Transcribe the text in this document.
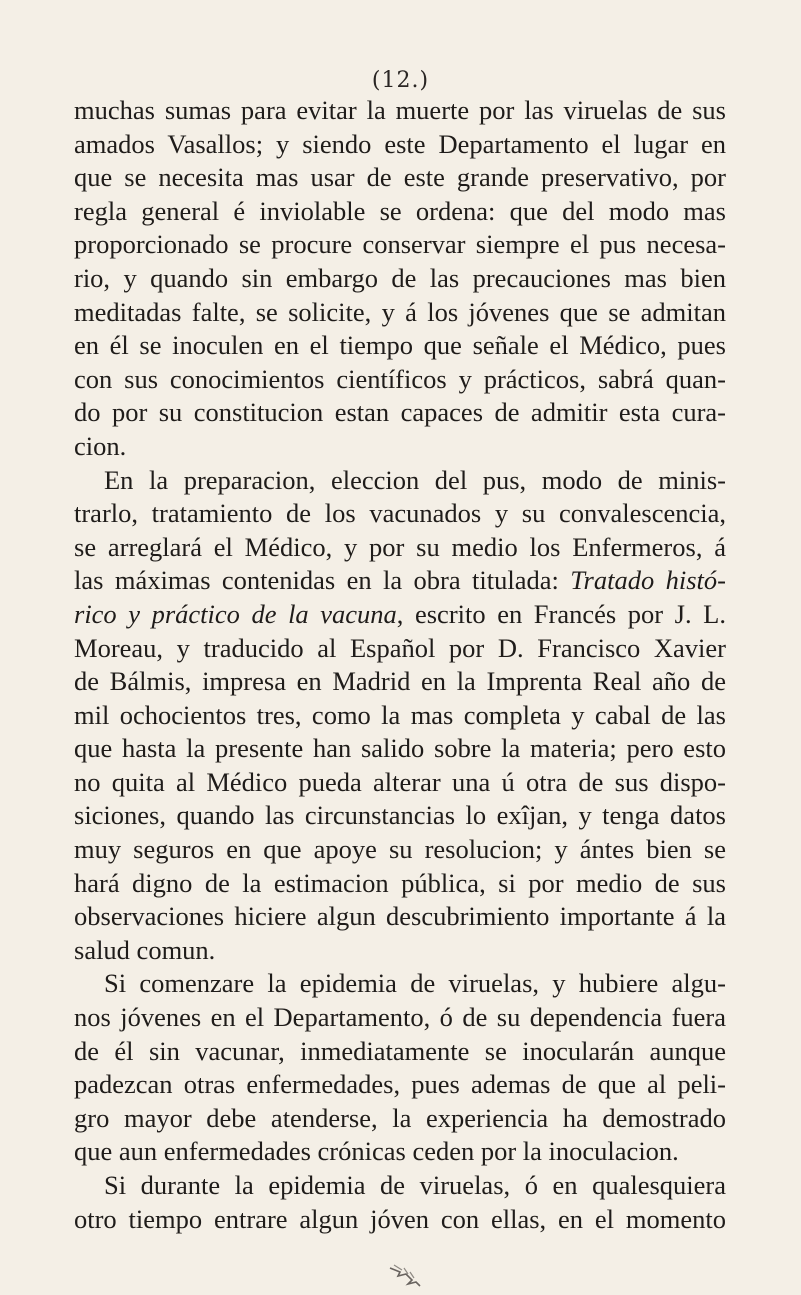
(12.)
muchas sumas para evitar la muerte por las viruelas de sus
amados Vasallos; y siendo este Departamento el lugar en
que se necesita mas usar de este grande preservativo, por
regla general é inviolable se ordena: que del modo mas
proporcionado se procure conservar siempre el pus necesa-
rio, y quando sin embargo de las precauciones mas bien
meditadas falte, se solicite, y á los jóvenes que se admitan
en él se inoculen en el tiempo que señale el Médico, pues
con sus conocimientos científicos y prácticos, sabrá quan-
do por su constitucion estan capaces de admitir esta cura-
cion.
En la preparacion, eleccion del pus, modo de minis-
trarlo, tratamiento de los vacunados y su convalescencia,
se arreglará el Médico, y por su medio los Enfermeros, á
las máximas contenidas en la obra titulada: Tratado histó-
rico y práctico de la vacuna, escrito en Francés por J. L.
Moreau, y traducido al Español por D. Francisco Xavier
de Bálmis, impresa en Madrid en la Imprenta Real año de
mil ochocientos tres, como la mas completa y cabal de las
que hasta la presente han salido sobre la materia; pero esto
no quita al Médico pueda alterar una ú otra de sus dispo-
siciones, quando las circunstancias lo exîjan, y tenga datos
muy seguros en que apoye su resolucion; y ántes bien se
hará digno de la estimacion pública, si por medio de sus
observaciones hiciere algun descubrimiento importante á la
salud comun.
Si comenzare la epidemia de viruelas, y hubiere algu-
nos jóvenes en el Departamento, ó de su dependencia fuera
de él sin vacunar, inmediatamente se inocularán aunque
padezcan otras enfermedades, pues ademas de que al peli-
gro mayor debe atenderse, la experiencia ha demostrado
que aun enfermedades crónicas ceden por la inoculacion.
Si durante la epidemia de viruelas, ó en qualesquiera
otro tiempo entrare algun jóven con ellas, en el momento
